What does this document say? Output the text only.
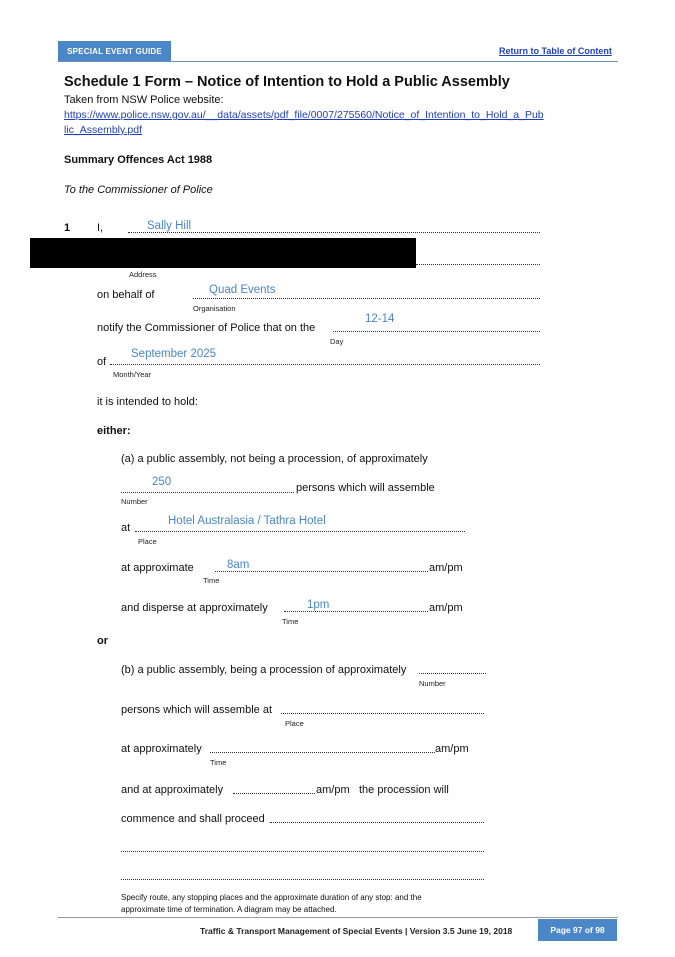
SPECIAL EVENT GUIDE	Return to Table of Content
Schedule 1 Form – Notice of Intention to Hold a Public Assembly
Taken from NSW Police website:
https://www.police.nsw.gov.au/__data/assets/pdf_file/0007/275560/Notice_of_Intention_to_Hold_a_Pub
lic_Assembly.pdf
Summary Offences Act 1988
To the Commissioner of Police
1 I,	Sally Hill
Address
on behalf of	Quad Events
Organisation
notify the Commissioner of Police that on the
12-14
Day
of
September 2025
Month/Year
it is intended to hold:
either:
(a) a public assembly, not being a procession, of approximately
250	persons which will assemble
Number
at
Hotel Australasia / Tathra Hotel
Place
at approximate	8am	am/pm
Time
and disperse at approximately	1pm	am/pm
Time
or
(b) a public assembly, being a procession of approximately
Number
persons which will assemble at
Place
at approximately	am/pm
Time
and at approximately	am/pm the procession will
commence and shall proceed
Specify route, any stopping places and the approximate duration of any stop: and the
approximate time of termination. A diagram may be attached.
Traffic & Transport Management of Special Events | Version 3.5 June 19, 2018	Page 97 of 98
